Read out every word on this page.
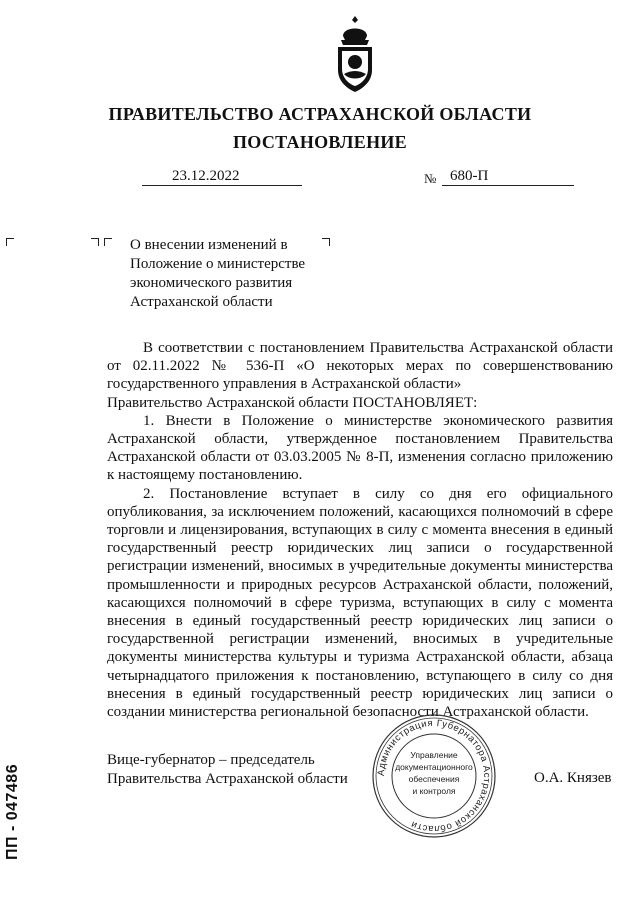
ПРАВИТЕЛЬСТВО АСТРАХАНСКОЙ ОБЛАСТИ
ПОСТАНОВЛЕНИЕ
23.12.2022	№ 680-П
О внесении изменений в
Положение о министерстве
экономического развития
Астраханской области

В соответствии с постановлением Правительства Астраханской области от 02.11.2022 № 536-П «О некоторых мерах по совершенствованию государственного управления в Астраханской области»

Правительство Астраханской области ПОСТАНОВЛЯЕТ:

1. Внести в Положение о министерстве экономического развития Астраханской области, утвержденное постановлением Правительства Астраханской области от 03.03.2005 № 8-П, изменения согласно приложению к настоящему постановлению.

2. Постановление вступает в силу со дня его официального опубликования, за исключением положений, касающихся полномочий в сфере торговли и лицензирования, вступающих в силу с момента внесения в единый государственный реестр юридических лиц записи о государственной регистрации изменений, вносимых в учредительные документы министерства промышленности и природных ресурсов Астраханской области, положений, касающихся полномочий в сфере туризма, вступающих в силу с момента внесения в единый государственный реестр юридических лиц записи о государственной регистрации изменений, вносимых в учредительные документы министерства культуры и туризма Астраханской области, абзаца четырнадцатого приложения к постановлению, вступающего в силу со дня внесения в единый государственный реестр юридических лиц записи о создании министерства региональной безопасности Астраханской области.

Вице-губернатор – председатель
Правительства Астраханской области	О.А. Князев
Администрация Губернатора Астраханской области
Управление
документационного
обеспечения
и контроля
ПП - 047486
